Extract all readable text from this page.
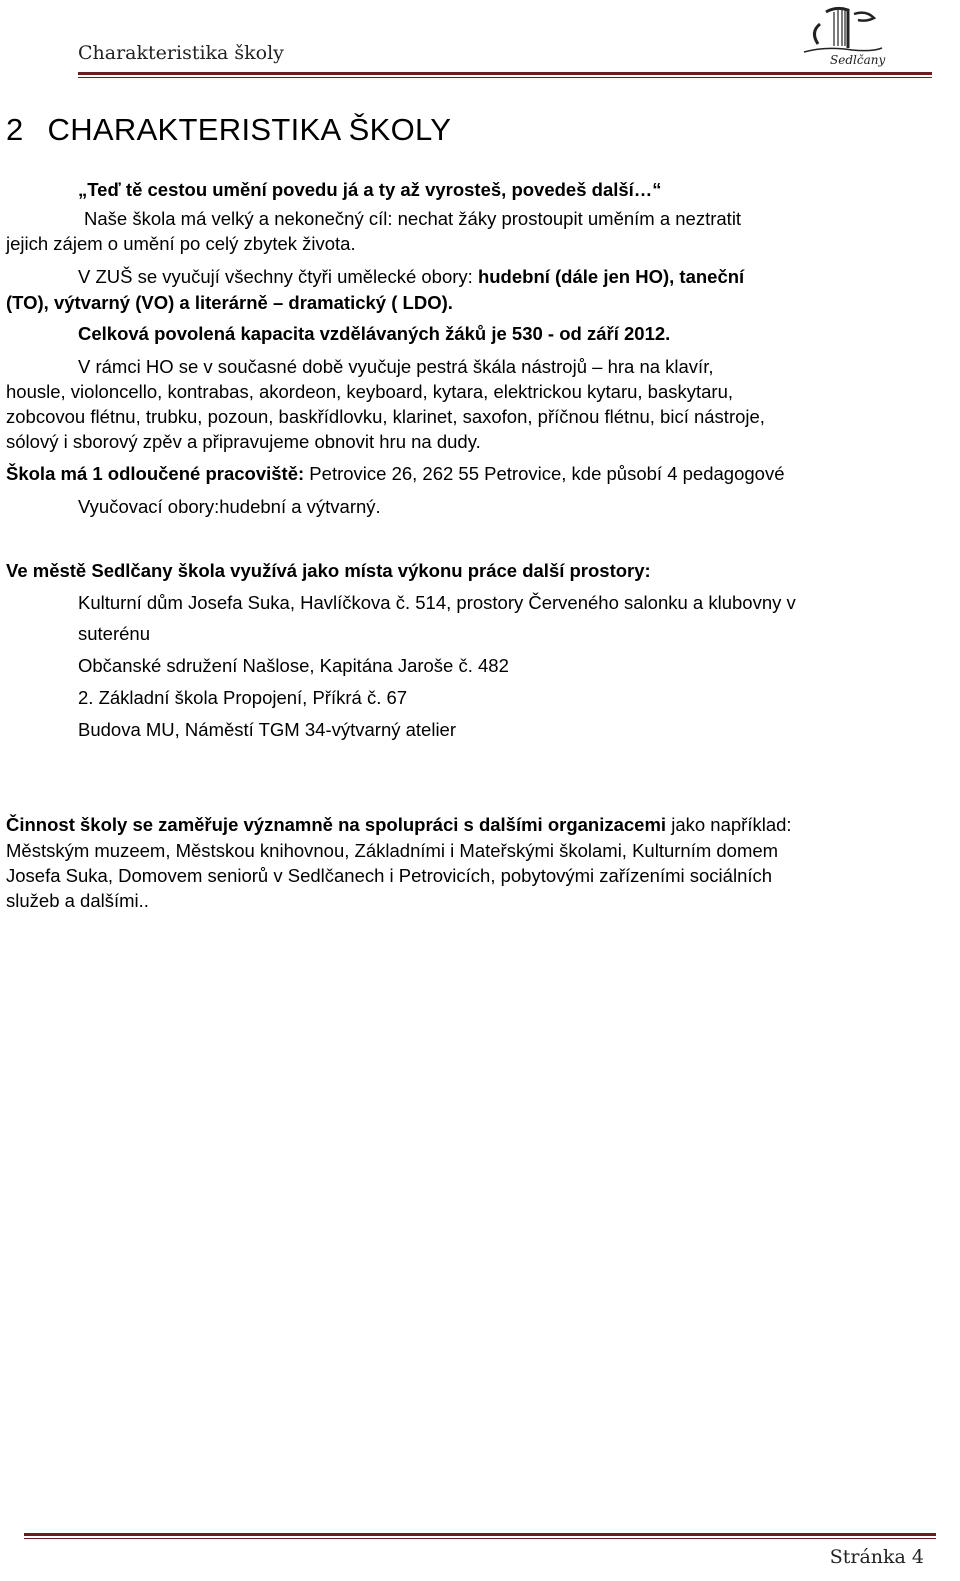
Charakteristika školy	Sedlčany
2 CHARAKTERISTIKA ŠKOLY
„Teď tě cestou umění povedu já a ty až vyrosteš, povedeš další…“
Naše škola má velký a nekonečný cíl: nechat žáky prostoupit uměním a neztratit
jejich zájem o umění po celý zbytek života.
V ZUŠ se vyučují všechny čtyři umělecké obory: hudební (dále jen HO), taneční
(TO), výtvarný (VO) a literárně – dramatický ( LDO).
Celková povolená kapacita vzdělávaných žáků je 530 - od září 2012.
V rámci HO se v současné době vyučuje pestrá škála nástrojů – hra na klavír,
housle, violoncello, kontrabas, akordeon, keyboard, kytara, elektrickou kytaru, baskytaru,
zobcovou flétnu, trubku, pozoun, baskřídlovku, klarinet, saxofon, příčnou flétnu, bicí nástroje,
sólový i sborový zpěv a připravujeme obnovit hru na dudy.
Škola má 1 odloučené pracoviště: Petrovice 26, 262 55 Petrovice, kde působí 4 pedagogové
Vyučovací obory:hudební a výtvarný.
Ve městě Sedlčany škola využívá jako místa výkonu práce další prostory:
Kulturní dům Josefa Suka, Havlíčkova č. 514, prostory Červeného salonku a klubovny v
suterénu
Občanské sdružení Našlose, Kapitána Jaroše č. 482
2. Základní škola Propojení, Příkrá č. 67
Budova MU, Náměstí TGM 34-výtvarný atelier
Činnost školy se zaměřuje významně na spolupráci s dalšími organizacemi jako například:
Městským muzeem, Městskou knihovnou, Základními i Mateřskými školami, Kulturním domem
Josefa Suka, Domovem seniorů v Sedlčanech i Petrovicích, pobytovými zařízeními sociálních
služeb a dalšími..
Stránka 4
